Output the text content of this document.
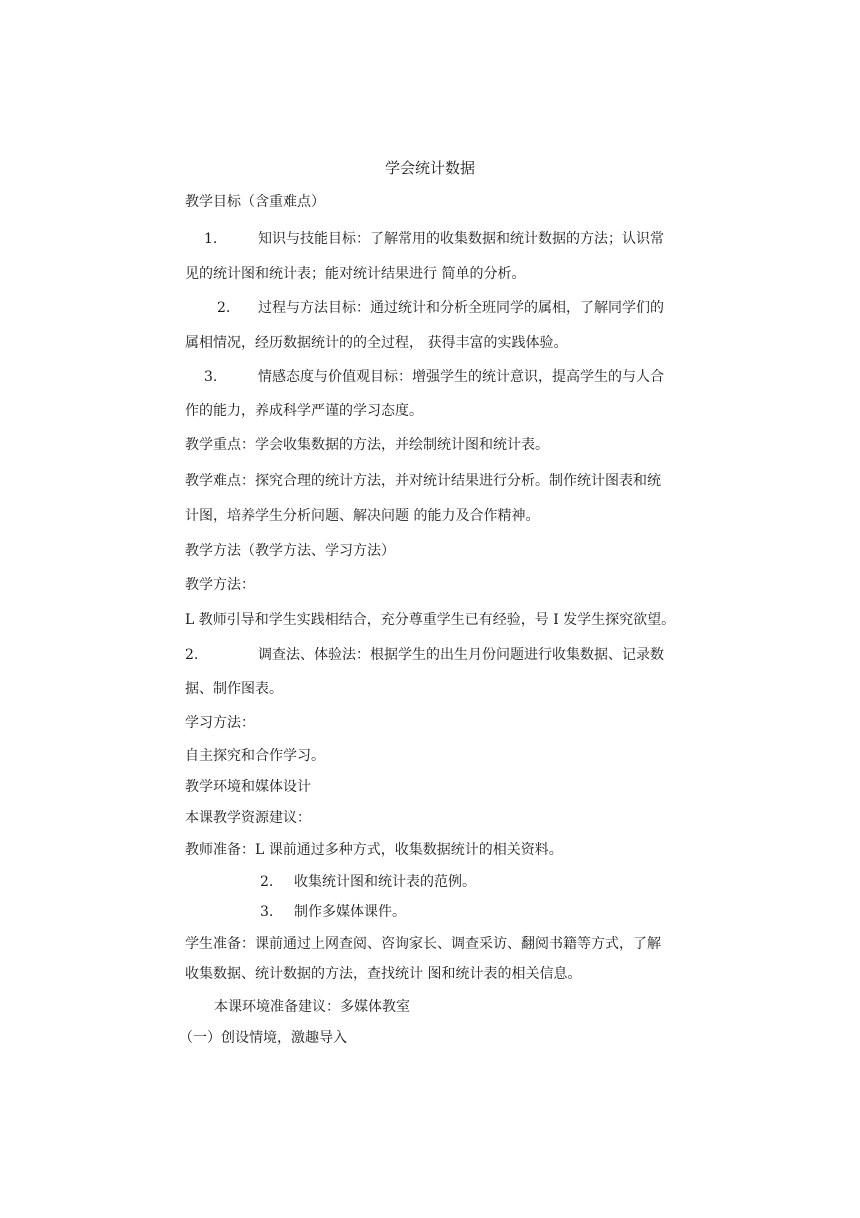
学会统计数据
教学目标（含重难点）
1.	知识与技能目标：了解常用的收集数据和统计数据的方法；认识常
见的统计图和统计表；能对统计结果进行 简单的分析。
2. 过程与方法目标：通过统计和分析全班同学的属相，了解同学们的
属相情况，经历数据统计的的全过程， 获得丰富的实践体验。
3.	情感态度与价值观目标：增强学生的统计意识，提高学生的与人合
作的能力，养成科学严谨的学习态度。
教学重点：学会收集数据的方法，并绘制统计图和统计表。
教学难点：探究合理的统计方法，并对统计结果进行分析。制作统计图表和统
计图，培养学生分析问题、解决问题 的能力及合作精神。
教学方法（教学方法、学习方法）
教学方法：
L 教师引导和学生实践相结合，充分尊重学生已有经验，号 I 发学生探究欲望。
2.	调查法、体验法：根据学生的出生月份问题进行收集数据、记录数
据、制作图表。
学习方法：
自主探究和合作学习。
教学环境和媒体设计
本课教学资源建议：
教师准备：L 课前通过多种方式，收集数据统计的相关资料。
2. 收集统计图和统计表的范例。
3. 制作多媒体课件。
学生准备：课前通过上网查阅、咨询家长、调查采访、翻阅书籍等方式，了解
收集数据、统计数据的方法，查找统计 图和统计表的相关信息。
本课环境准备建议：多媒体教室
（一）创设情境，激趣导入
